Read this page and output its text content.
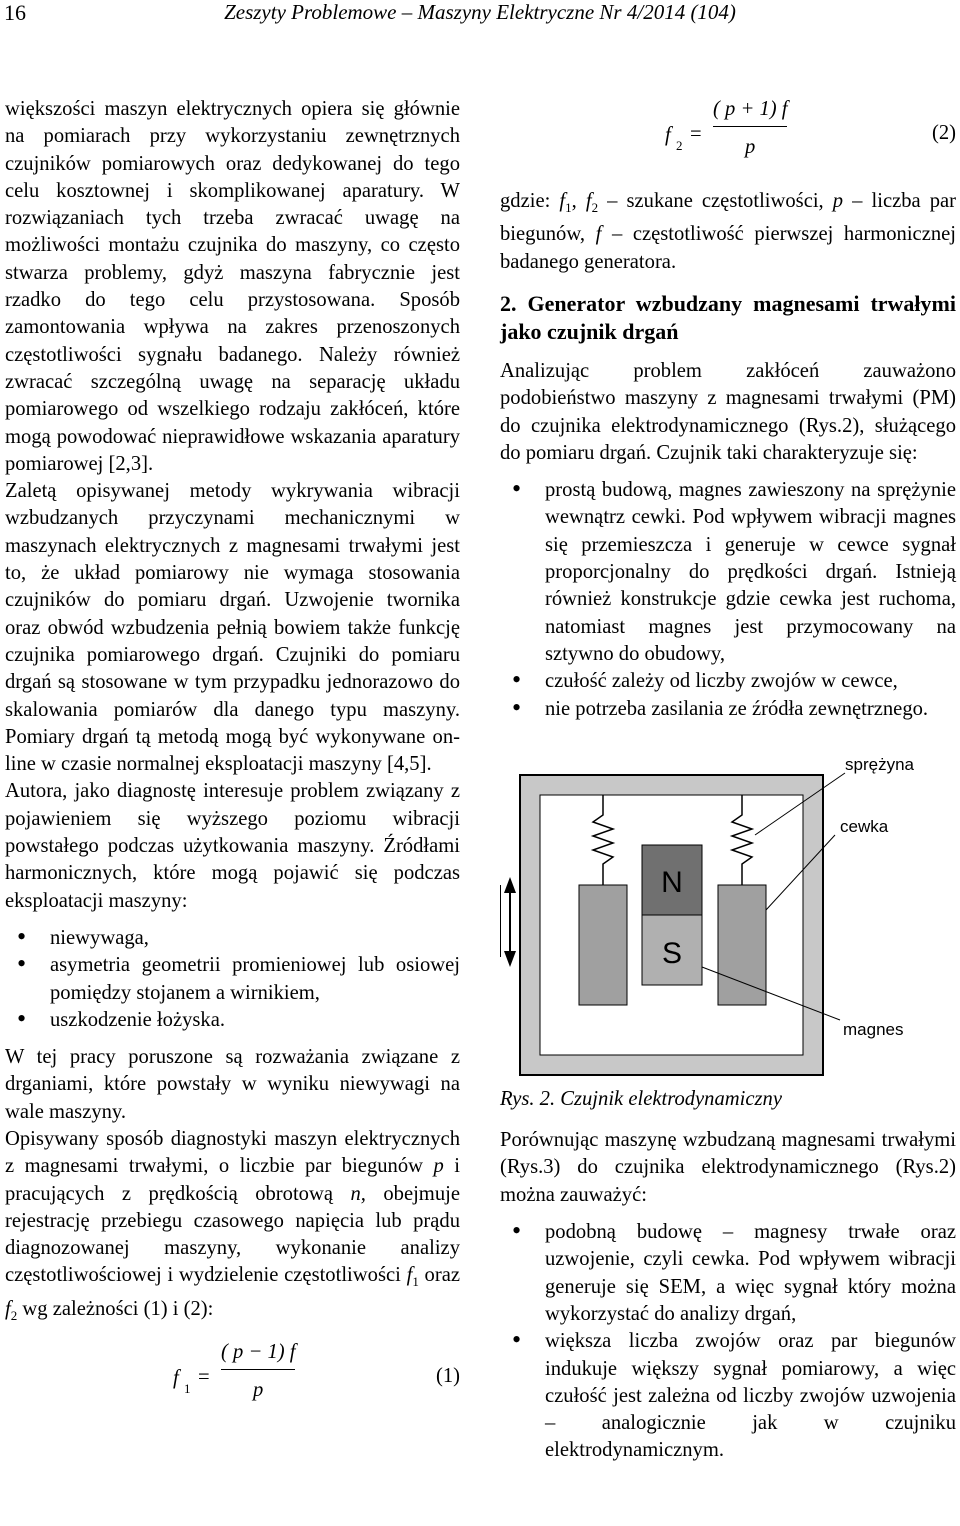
16	Zeszyty Problemowe – Maszyny Elektryczne Nr 4/2014 (104)

większości maszyn elektrycznych opiera się głównie na pomiarach przy wykorzystaniu zewnętrznych czujników pomiarowych oraz dedykowanej do tego celu kosztownej i skomplikowanej aparatury. W rozwiązaniach tych trzeba zwracać uwagę na możliwości montażu czujnika do maszyny, co często stwarza problemy, gdyż maszyna fabrycznie jest rzadko do tego celu przystosowana. Sposób zamontowania wpływa na zakres przenoszonych częstotliwości sygnału badanego. Należy również zwracać szczególną uwagę na separację układu pomiarowego od wszelkiego rodzaju zakłóceń, które mogą powodować nieprawidłowe wskazania aparatury pomiarowej [2,3].

Zaletą opisywanej metody wykrywania wibracji wzbudzanych przyczynami mechanicznymi w maszynach elektrycznych z magnesami trwałymi jest to, że układ pomiarowy nie wymaga stosowania czujników do pomiaru drgań. Uzwojenie twornika oraz obwód wzbudzenia pełnią bowiem także funkcję czujnika pomiarowego drgań. Czujniki do pomiaru drgań są stosowane w tym przypadku jednorazowo do skalowania pomiarów dla danego typu maszyny. Pomiary drgań tą metodą mogą być wykonywane on-line w czasie normalnej eksploatacji maszyny [4,5].

Autora, jako diagnostę interesuje problem związany z pojawieniem się wyższego poziomu wibracji powstałego podczas użytkowania maszyny. Źródłami harmonicznych, które mogą pojawić się podczas eksploatacji maszyny:

• niewywaga,
• asymetria geometrii promieniowej lub osiowej pomiędzy stojanem a wirnikiem,
• uszkodzenie łożyska.

W tej pracy poruszone są rozważania związane z drganiami, które powstały w wyniku niewywagi na wale maszyny.

Opisywany sposób diagnostyki maszyn elektrycznych z magnesami trwałymi, o liczbie par biegunów p i pracujących z prędkością obrotową n, obejmuje rejestrację przebiegu czasowego napięcia lub prądu diagnozowanej maszyny, wykonanie analizy częstotliwościowej i wydzielenie częstotliwości $f_1$ oraz $f_2$ wg zależności (1) i (2):

f 1
=
( p − 1) f
p
(1)
f 2
=
( p + 1) f
p
(2)

gdzie: $f_1$, $f_2$ – szukane częstotliwości, p – liczba par biegunów, f – częstotliwość pierwszej harmonicznej badanego generatora.

2. Generator wzbudzany magnesami trwałymi jako czujnik drgań

Analizując problem zakłóceń zauważono podobieństwo maszyny z magnesami trwałymi (PM) do czujnika elektrodynamicznego (Rys.2), służącego do pomiaru drgań. Czujnik taki charakteryzuje się:

• prostą budową, magnes zawieszony na sprężynie wewnątrz cewki. Pod wpływem wibracji magnes się przemieszcza i generuje w cewce sygnał proporcjonalny do prędkości drgań. Istnieją również konstrukcje gdzie cewka jest ruchoma, natomiast magnes jest przymocowany na sztywno do obudowy,
• czułość zależy od liczby zwojów w cewce,
• nie potrzeba zasilania ze źródła zewnętrznego.
N
S
sprężyna
cewka
magnes

Rys. 2. Czujnik elektrodynamiczny

Porównując maszynę wzbudzaną magnesami trwałymi (Rys.3) do czujnika elektrodynamicznego (Rys.2) można zauważyć:

• podobną budowę – magnesy trwałe oraz uzwojenie, czyli cewka. Pod wpływem wibracji generuje się SEM, a więc sygnał który można wykorzystać do analizy drgań,
• większa liczba zwojów oraz par biegunów indukuje większy sygnał pomiarowy, a więc czułość jest zależna od liczby zwojów uzwojenia – analogicznie jak w czujniku elektrodynamicznym.
